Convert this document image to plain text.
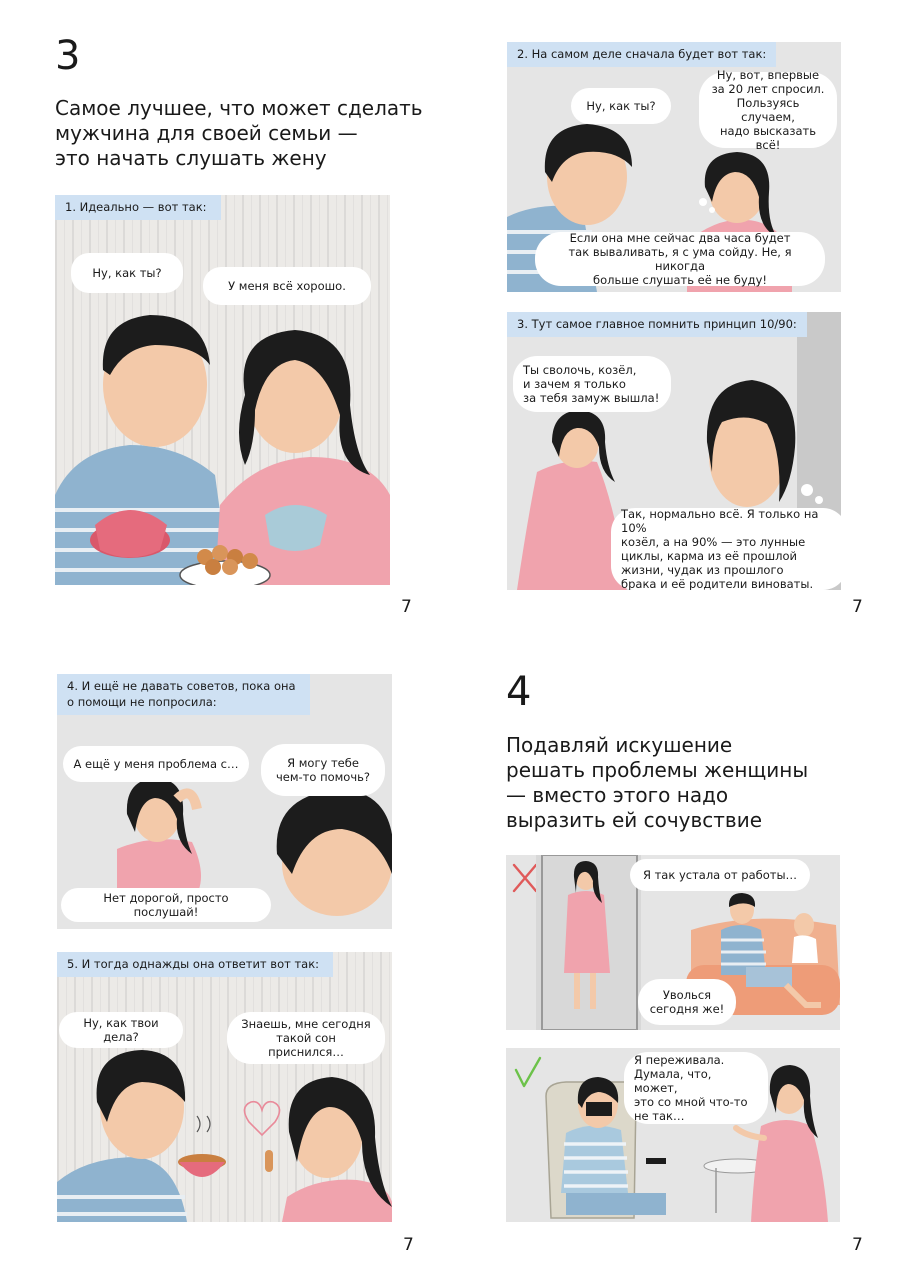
3
Самое лучшее, что может сделать
мужчина для своей семьи —
это начать слушать жену
1. Идеально — вот так:
Ну, как ты?
У меня всё хорошо.
7
2. На самом деле сначала будет вот так:
Ну, как ты?
Ну, вот, впервые
за 20 лет спросил.
Пользуясь случаем,
надо высказать всё!
Если она мне сейчас два часа будет
так вываливать, я с ума сойду. Не, я никогда
больше слушать её не буду!
3. Тут самое главное помнить принцип 10/90:
Ты сволочь, козёл,
и зачем я только
за тебя замуж вышла!
Так, нормально всё. Я только на 10%
козёл, а на 90% — это лунные
циклы, карма из её прошлой
жизни, чудак из прошлого
брака и её родители виноваты.
7
4. И ещё не давать советов, пока она
о помощи не попросила:
А ещё у меня проблема с…	Я могу тебе
чем-то помочь?
Нет дорогой, просто послушай!
5. И тогда однажды она ответит вот так:
Ну, как твои дела?
Знаешь, мне сегодня
такой сон приснился…
7
4
Подавляй искушение
решать проблемы женщины
— вместо этого надо
выразить ей сочувствие
Я так устала от работы…
Уволься
сегодня же!
Я переживала.
Думала, что, может,
это со мной что-то
не так…
7
